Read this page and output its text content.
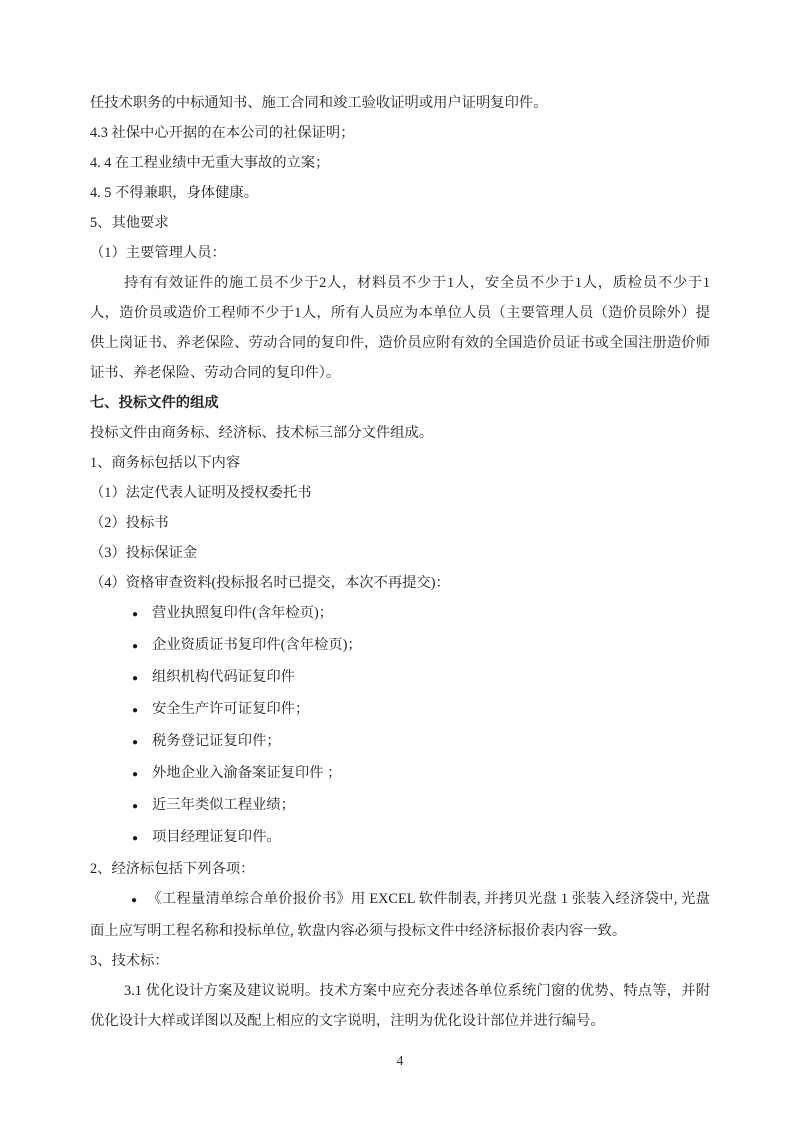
任技术职务的中标通知书、施工合同和竣工验收证明或用户证明复印件。

4.3 社保中心开据的在本公司的社保证明；

4. 4 在工程业绩中无重大事故的立案；

4. 5 不得兼职，身体健康。

5、其他要求

（1）主要管理人员：

持有有效证件的施工员不少于2人，材料员不少于1人，安全员不少于1人，质检员不少于1人，造价员或造价工程师不少于1人，所有人员应为本单位人员（主要管理人员（造价员除外）提供上岗证书、养老保险、劳动合同的复印件，造价员应附有效的全国造价员证书或全国注册造价师证书、养老保险、劳动合同的复印件）。

七、投标文件的组成

投标文件由商务标、经济标、技术标三部分文件组成。

1、商务标包括以下内容

（1）法定代表人证明及授权委托书

（2）投标书

（3）投标保证金

（4）资格审查资料(投标报名时已提交，本次不再提交)：

● 营业执照复印件(含年检页)；
● 企业资质证书复印件(含年检页)；
● 组织机构代码证复印件
● 安全生产许可证复印件；
● 税务登记证复印件；
● 外地企业入渝备案证复印件 ；
● 近三年类似工程业绩；
● 项目经理证复印件。

2、经济标包括下列各项：

● 《工程量清单综合单价报价书》用 EXCEL 软件制表, 并拷贝光盘 1 张装入经济袋中, 光盘面上应写明工程名称和投标单位, 软盘内容必须与投标文件中经济标报价表内容一致。

3、技术标：

3.1 优化设计方案及建议说明。技术方案中应充分表述各单位系统门窗的优势、特点等，并附优化设计大样或详图以及配上相应的文字说明，注明为优化设计部位并进行编号。

4
